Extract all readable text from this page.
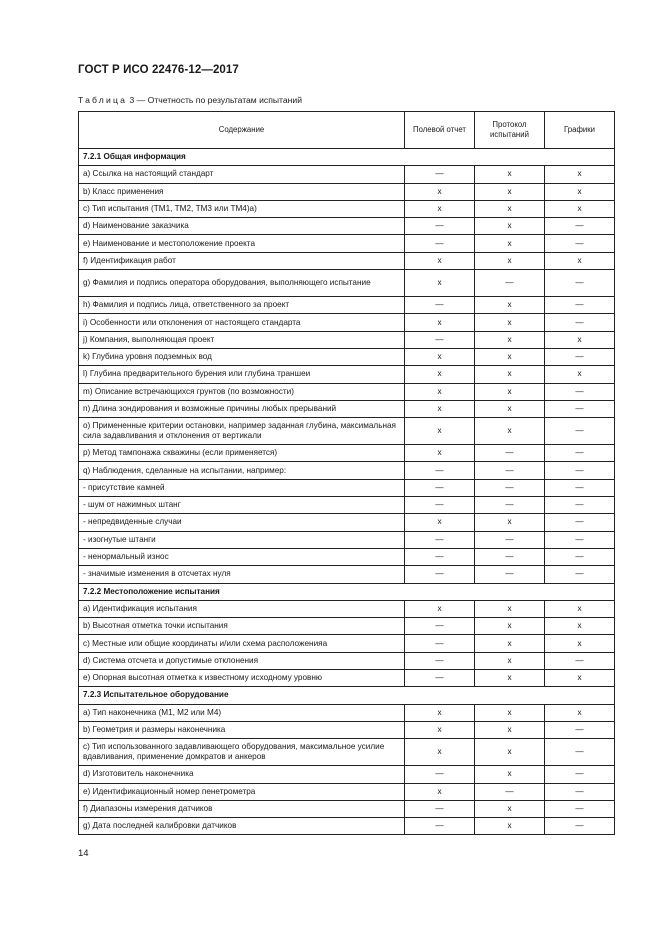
ГОСТ Р ИСО 22476-12—2017
Таблица 3 — Отчетность по результатам испытаний
Содержание	Полевой отчет	Протокол испытаний	Графики
7.2.1 Общая информация			
a) Ссылка на настоящий стандарт	—	x	x
b) Класс применения	x	x	x
c) Тип испытания (ТМ1, ТМ2, ТМ3 или ТМ4)а)	x	x	x
d) Наименование заказчика	—	x	—
e) Наименование и местоположение проекта	—	x	—
f) Идентификация работ	x	x	x
g) Фамилия и подпись оператора оборудования, выполняющего испытание	x	—	—
h) Фамилия и подпись лица, ответственного за проект	—	x	—
i) Особенности или отклонения от настоящего стандарта	x	x	—
j) Компания, выполняющая проект	—	x	x
k) Глубина уровня подземных вод	x	x	—
l) Глубина предварительного бурения или глубина траншеи	x	x	x
m) Описание встречающихся грунтов (по возможности)	x	x	—
n) Длина зондирования и возможные причины любых прерываний	x	x	—
o) Примененные критерии остановки, например заданная глубина, максимальная сила задавливания и отклонения от вертикали	x	x	—
p) Метод тампонажа скважины (если применяется)	x	—	—
q) Наблюдения, сделанные на испытании, например:	—	—	—
- присутствие камней	—	—	—
- шум от нажимных штанг	—	—	—
- непредвиденные случаи	x	x	—
- изогнутые штанги	—	—	—
- ненормальный износ	—	—	—
- значимые изменения в отсчетах нуля	—	—	—
7.2.2 Местоположение испытания			
a) Идентификация испытания	x	x	x
b) Высотная отметка точки испытания	—	x	x
c) Местные или общие координаты и/или схема расположенияа	—	x	x
d) Система отсчета и допустимые отклонения	—	x	—
e) Опорная высотная отметка к известному исходному уровню	—	x	x
7.2.3 Испытательное оборудование			
a) Тип наконечника (M1, M2 или M4)	x	x	x
b) Геометрия и размеры наконечника	x	x	—
c) Тип использованного задавливающего оборудования, максимальное усилие вдавливания, применение домкратов и анкеров	x	x	—
d) Изготовитель наконечника	—	x	—
e) Идентификационный номер пенетрометра	x	—	—
f) Диапазоны измерения датчиков	—	x	—
g) Дата последней калибровки датчиков	—	x	—
14
